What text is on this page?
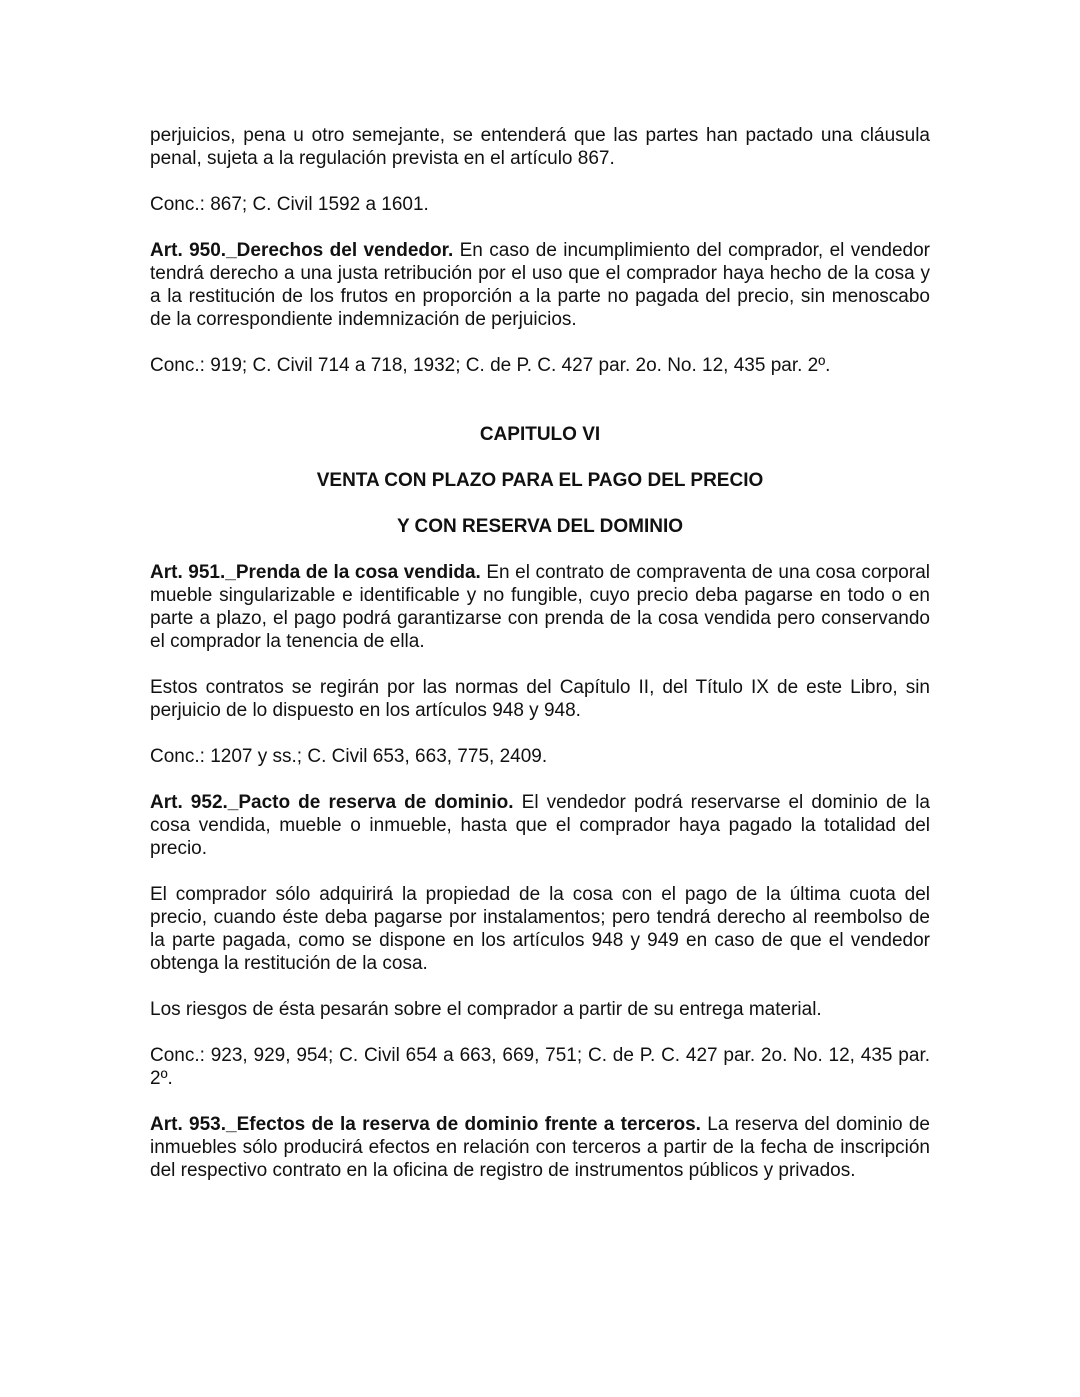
perjuicios, pena u otro semejante, se entenderá que las partes han pactado una cláusula penal, sujeta a la regulación prevista en el artículo 867.

Conc.: 867; C. Civil 1592 a 1601.

Art. 950._Derechos del vendedor. En caso de incumplimiento del comprador, el vendedor tendrá derecho a una justa retribución por el uso que el comprador haya hecho de la cosa y a la restitución de los frutos en proporción a la parte no pagada del precio, sin menoscabo de la correspondiente indemnización de perjuicios.

Conc.: 919; C. Civil 714 a 718, 1932; C. de P. C. 427 par. 2o. No. 12, 435 par. 2º.

CAPITULO VI
VENTA CON PLAZO PARA EL PAGO DEL PRECIO
Y CON RESERVA DEL DOMINIO

Art. 951._Prenda de la cosa vendida. En el contrato de compraventa de una cosa corporal mueble singularizable e identificable y no fungible, cuyo precio deba pagarse en todo o en parte a plazo, el pago podrá garantizarse con prenda de la cosa vendida pero conservando el comprador la tenencia de ella.

Estos contratos se regirán por las normas del Capítulo II, del Título IX de este Libro, sin perjuicio de lo dispuesto en los artículos 948 y 948.

Conc.: 1207 y ss.; C. Civil 653, 663, 775, 2409.

Art. 952._Pacto de reserva de dominio. El vendedor podrá reservarse el dominio de la cosa vendida, mueble o inmueble, hasta que el comprador haya pagado la totalidad del precio.

El comprador sólo adquirirá la propiedad de la cosa con el pago de la última cuota del precio, cuando éste deba pagarse por instalamentos; pero tendrá derecho al reembolso de la parte pagada, como se dispone en los artículos 948 y 949 en caso de que el vendedor obtenga la restitución de la cosa.

Los riesgos de ésta pesarán sobre el comprador a partir de su entrega material.

Conc.: 923, 929, 954; C. Civil 654 a 663, 669, 751; C. de P. C. 427 par. 2o. No. 12, 435 par. 2º.

Art. 953._Efectos de la reserva de dominio frente a terceros. La reserva del dominio de inmuebles sólo producirá efectos en relación con terceros a partir de la fecha de inscripción del respectivo contrato en la oficina de registro de instrumentos públicos y privados.
